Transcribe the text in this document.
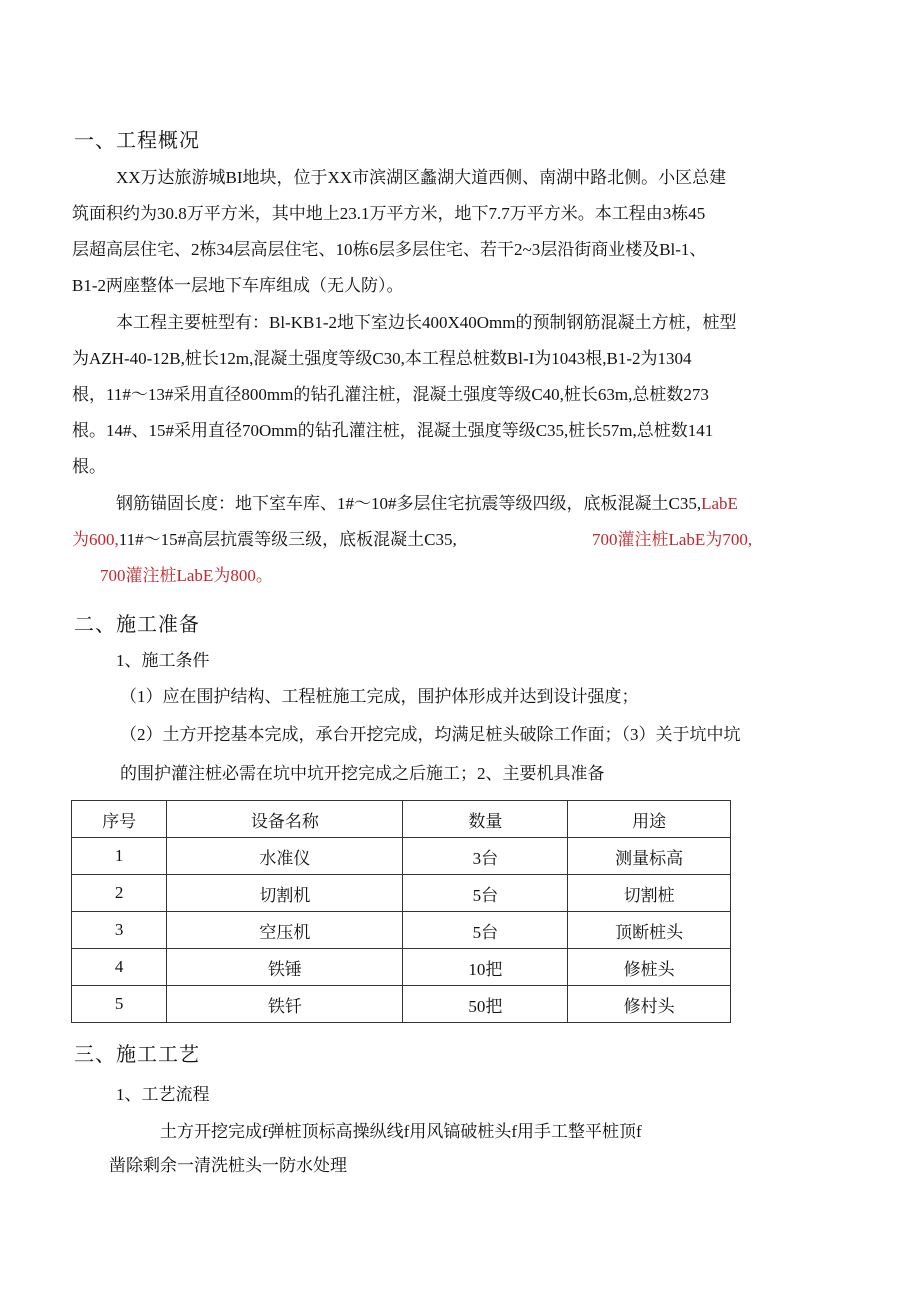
一、工程概况
XX万达旅游城BI地块，位于XX市滨湖区蠡湖大道西侧、南湖中路北侧。小区总建
筑面积约为30.8万平方米，其中地上23.1万平方米，地下7.7万平方米。本工程由3栋45
层超高层住宅、2栋34层高层住宅、10栋6层多层住宅、若干2~3层沿街商业楼及Bl-1、
B1-2两座整体一层地下车库组成（无人防）。
本工程主要桩型有：Bl-KB1-2地下室边长400X40Omm的预制钢筋混凝土方桩，桩型
为AZH-40-12B,桩长12m,混凝土强度等级C30,本工程总桩数Bl-I为1043根,B1-2为1304
根，11#～13#采用直径800mm的钻孔灌注桩，混凝土强度等级C40,桩长63m,总桩数273
根。14#、15#采用直径70Omm的钻孔灌注桩，混凝土强度等级C35,桩长57m,总桩数141
根。
钢筋锚固长度：地下室车库、1#～10#多层住宅抗震等级四级，底板混凝土C35,LabE
为600,11#～15#高层抗震等级三级，底板混凝土C35,	700灌注桩LabE为700,
700灌注桩LabE为800。
二、施工准备
1、施工条件
（1）应在围护结构、工程桩施工完成，围护体形成并达到设计强度；
（2）土方开挖基本完成，承台开挖完成，均满足桩头破除工作面；（3）关于坑中坑
的围护灌注桩必需在坑中坑开挖完成之后施工；2、主要机具准备
序号	设备名称	数量	用途
1	水准仪	3台	测量标高
2	切割机	5台	切割桩
3	空压机	5台	顶断桩头
4	铁锤	10把	修桩头
5	铁钎	50把	修村头
三、施工工艺
1、工艺流程
土方开挖完成f弹桩顶标高操纵线f用风镐破桩头f用手工整平桩顶f
凿除剩余一清洗桩头一防水处理
